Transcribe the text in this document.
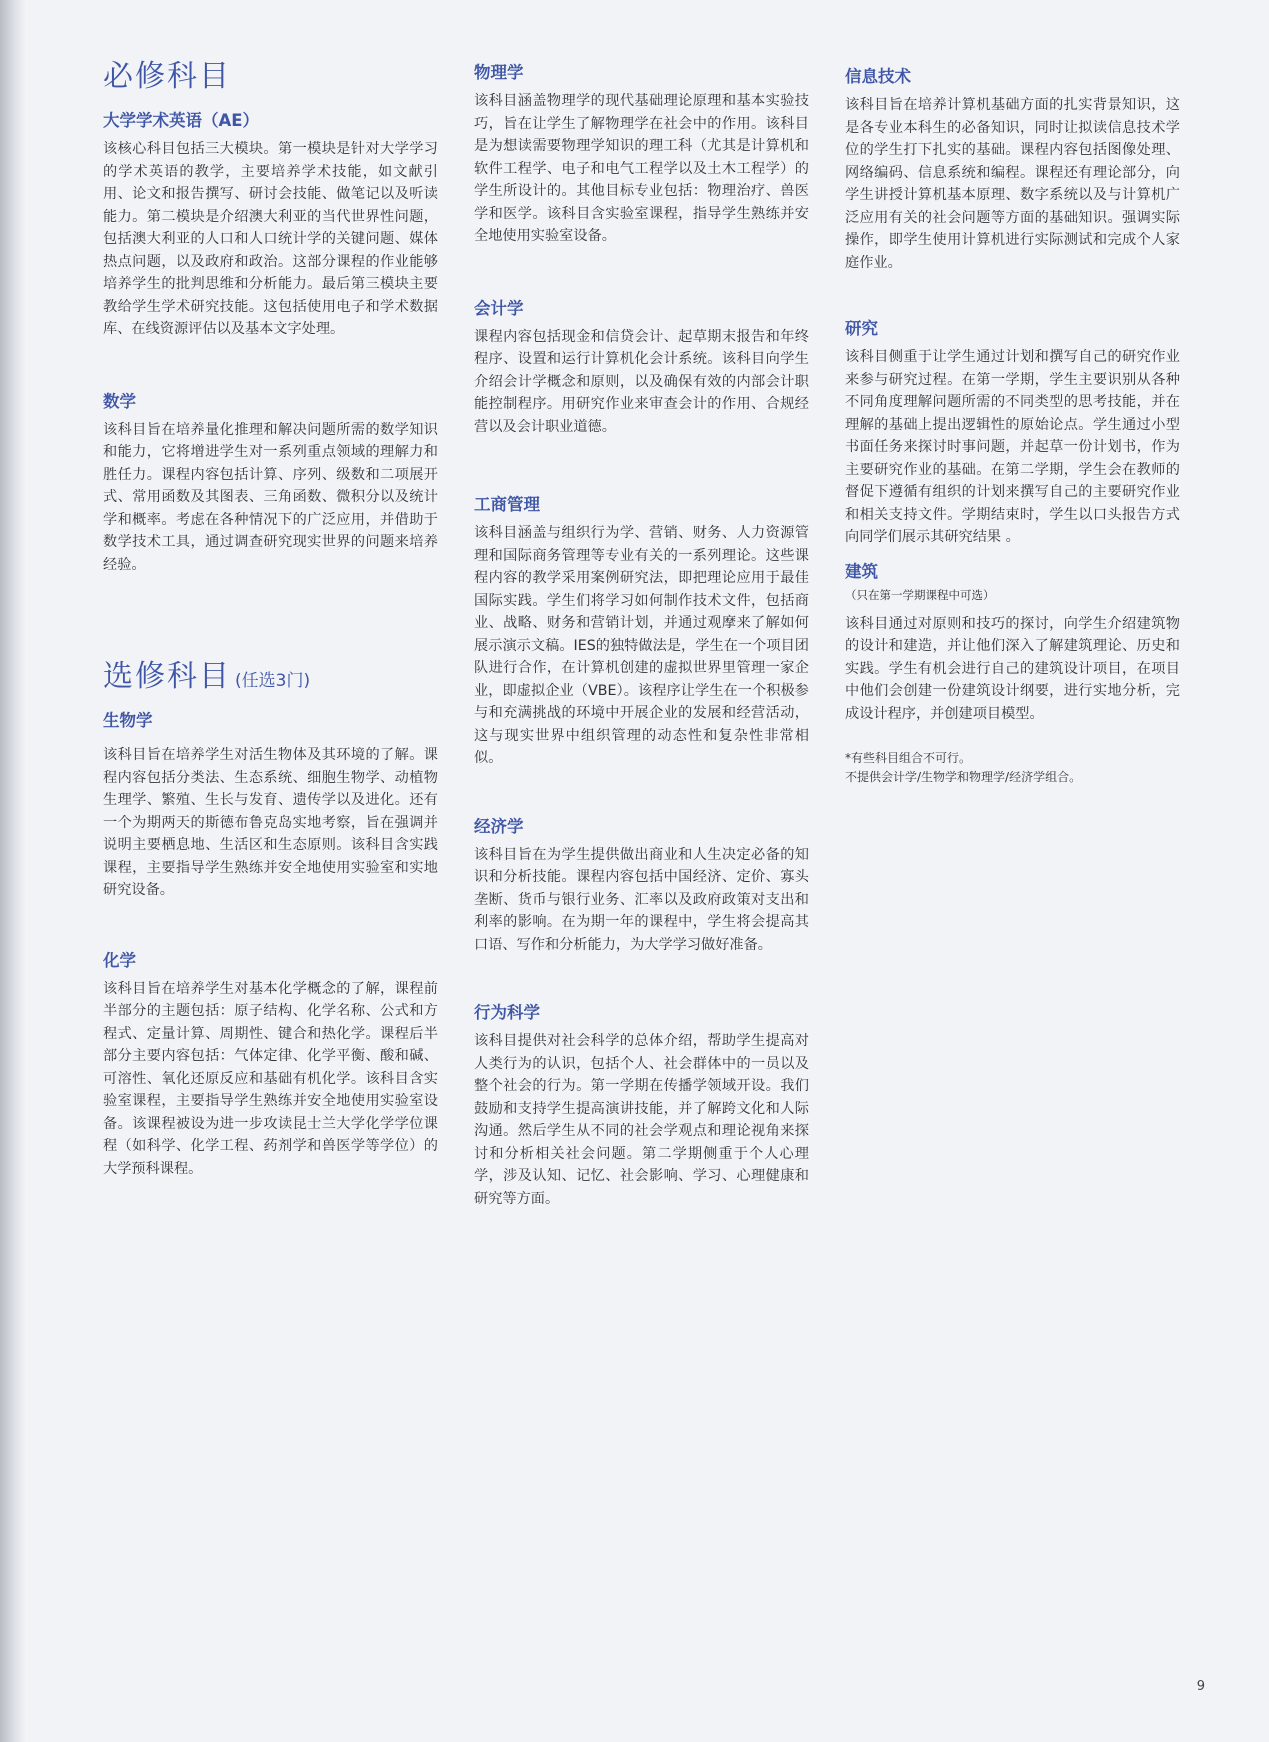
必修科目
大学学术英语（AE）

该核心科目包括三大模块。第一模块是针对大学学习的学术英语的教学，主要培养学术技能，如文献引用、论文和报告撰写、研讨会技能、做笔记以及听读能力。第二模块是介绍澳大利亚的当代世界性问题，包括澳大利亚的人口和人口统计学的关键问题、媒体热点问题，以及政府和政治。这部分课程的作业能够培养学生的批判思维和分析能力。最后第三模块主要教给学生学术研究技能。这包括使用电子和学术数据库、在线资源评估以及基本文字处理。

数学

该科目旨在培养量化推理和解决问题所需的数学知识和能力，它将增进学生对一系列重点领域的理解力和胜任力。课程内容包括计算、序列、级数和二项展开式、常用函数及其图表、三角函数、微积分以及统计学和概率。考虑在各种情况下的广泛应用，并借助于数学技术工具，通过调查研究现实世界的问题来培养经验。

选修科目 (任选3门)
生物学

该科目旨在培养学生对活生物体及其环境的了解。课程内容包括分类法、生态系统、细胞生物学、动植物生理学、繁殖、生长与发育、遗传学以及进化。还有一个为期两天的斯德布鲁克岛实地考察，旨在强调并说明主要栖息地、生活区和生态原则。该科目含实践课程，主要指导学生熟练并安全地使用实验室和实地研究设备。

化学

该科目旨在培养学生对基本化学概念的了解，课程前半部分的主题包括：原子结构、化学名称、公式和方程式、定量计算、周期性、键合和热化学。课程后半部分主要内容包括：气体定律、化学平衡、酸和碱、可溶性、氧化还原反应和基础有机化学。该科目含实验室课程，主要指导学生熟练并安全地使用实验室设备。该课程被设为进一步攻读昆士兰大学化学学位课程（如科学、化学工程、药剂学和兽医学等学位）的大学预科课程。

物理学

该科目涵盖物理学的现代基础理论原理和基本实验技巧，旨在让学生了解物理学在社会中的作用。该科目是为想读需要物理学知识的理工科（尤其是计算机和软件工程学、电子和电气工程学以及土木工程学）的学生所设计的。其他目标专业包括：物理治疗、兽医学和医学。该科目含实验室课程，指导学生熟练并安全地使用实验室设备。

会计学

课程内容包括现金和信贷会计、起草期末报告和年终程序、设置和运行计算机化会计系统。该科目向学生介绍会计学概念和原则，以及确保有效的内部会计职能控制程序。用研究作业来审查会计的作用、合规经营以及会计职业道德。

工商管理

该科目涵盖与组织行为学、营销、财务、人力资源管理和国际商务管理等专业有关的一系列理论。这些课程内容的教学采用案例研究法，即把理论应用于最佳国际实践。学生们将学习如何制作技术文件，包括商业、战略、财务和营销计划，并通过观摩来了解如何展示演示文稿。IES的独特做法是，学生在一个项目团队进行合作，在计算机创建的虚拟世界里管理一家企业，即虚拟企业（VBE）。该程序让学生在一个积极参与和充满挑战的环境中开展企业的发展和经营活动，这与现实世界中组织管理的动态性和复杂性非常相似。

经济学

该科目旨在为学生提供做出商业和人生决定必备的知识和分析技能。课程内容包括中国经济、定价、寡头垄断、货币与银行业务、汇率以及政府政策对支出和利率的影响。在为期一年的课程中，学生将会提高其口语、写作和分析能力，为大学学习做好准备。

行为科学

该科目提供对社会科学的总体介绍，帮助学生提高对人类行为的认识，包括个人、社会群体中的一员以及整个社会的行为。第一学期在传播学领域开设。我们鼓励和支持学生提高演讲技能，并了解跨文化和人际沟通。然后学生从不同的社会学观点和理论视角来探讨和分析相关社会问题。第二学期侧重于个人心理学，涉及认知、记忆、社会影响、学习、心理健康和研究等方面。

信息技术

该科目旨在培养计算机基础方面的扎实背景知识，这是各专业本科生的必备知识，同时让拟读信息技术学位的学生打下扎实的基础。课程内容包括图像处理、网络编码、信息系统和编程。课程还有理论部分，向学生讲授计算机基本原理、数字系统以及与计算机广泛应用有关的社会问题等方面的基础知识。强调实际操作，即学生使用计算机进行实际测试和完成个人家庭作业。

研究

该科目侧重于让学生通过计划和撰写自己的研究作业来参与研究过程。在第一学期，学生主要识别从各种不同角度理解问题所需的不同类型的思考技能，并在理解的基础上提出逻辑性的原始论点。学生通过小型书面任务来探讨时事问题，并起草一份计划书，作为主要研究作业的基础。在第二学期，学生会在教师的督促下遵循有组织的计划来撰写自己的主要研究作业和相关支持文件。学期结束时，学生以口头报告方式向同学们展示其研究结果 。

建筑

（只在第一学期课程中可选）

该科目通过对原则和技巧的探讨，向学生介绍建筑物的设计和建造，并让他们深入了解建筑理论、历史和实践。学生有机会进行自己的建筑设计项目，在项目中他们会创建一份建筑设计纲要，进行实地分析，完成设计程序，并创建项目模型。

*有些科目组合不可行。

不提供会计学/生物学和物理学/经济学组合。

9
